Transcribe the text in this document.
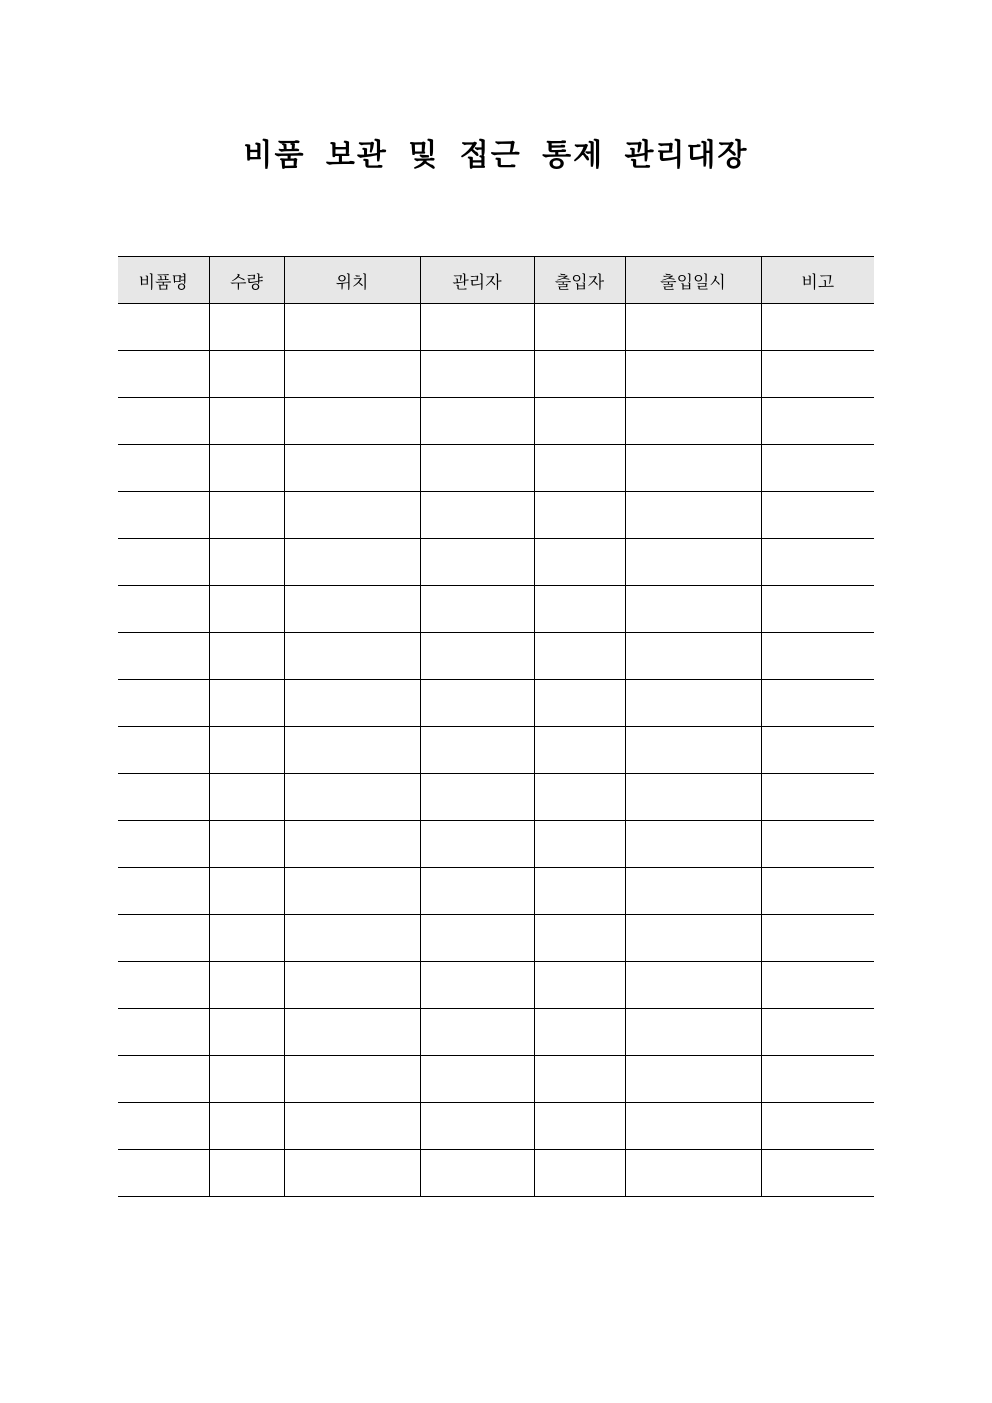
비품 보관 및 접근 통제 관리대장
비품명	수량	위치	관리자	출입자	출입일시	비고
